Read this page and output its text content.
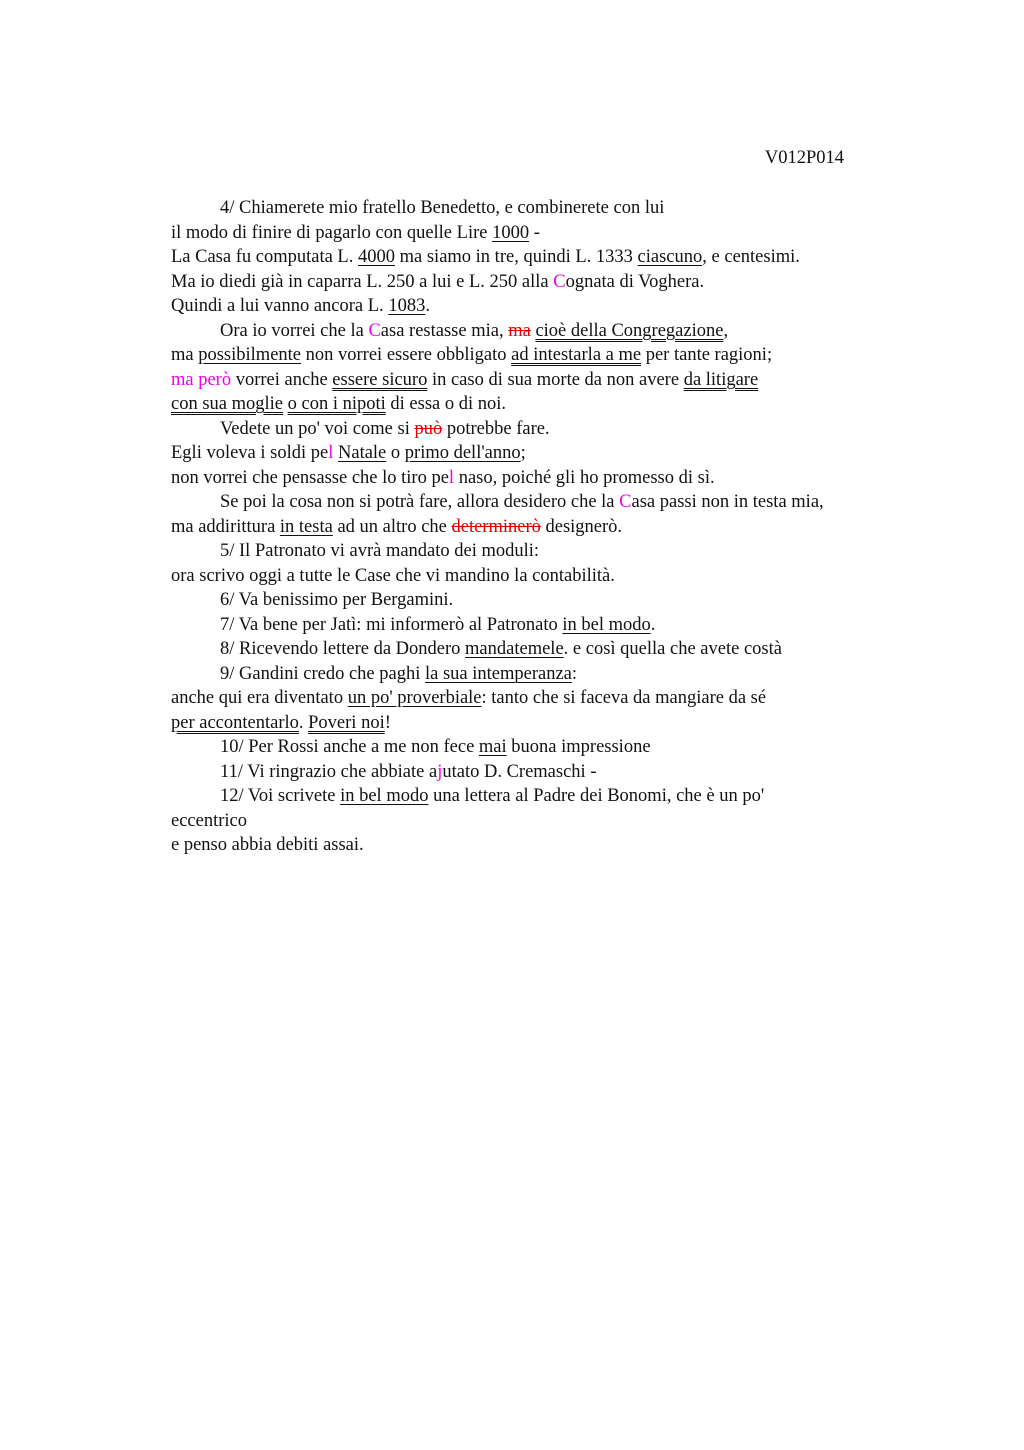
V012P014

4/ Chiamerete mio fratello Benedetto, e combinerete con lui
il modo di finire di pagarlo con quelle Lire 1000 -
La Casa fu computata L. 4000 ma siamo in tre, quindi L. 1333 ciascuno, e centesimi.
Ma io diedi già in caparra L. 250 a lui e L. 250 alla Cognata di Voghera.
Quindi a lui vanno ancora L. 1083.
Ora io vorrei che la Casa restasse mia, ma cioè della Congregazione,
ma possibilmente non vorrei essere obbligato ad intestarla a me per tante ragioni;
ma però vorrei anche essere sicuro in caso di sua morte da non avere da litigare
con sua moglie o con i nipoti di essa o di noi.
Vedete un po' voi come si può potrebbe fare.
Egli voleva i soldi pel Natale o primo dell'anno;
non vorrei che pensasse che lo tiro pel naso, poiché gli ho promesso di sì.
Se poi la cosa non si potrà fare, allora desidero che la Casa passi non in testa mia,
ma addirittura in testa ad un altro che determinerò designerò.
5/ Il Patronato vi avrà mandato dei moduli:
ora scrivo oggi a tutte le Case che vi mandino la contabilità.
6/ Va benissimo per Bergamini.
7/ Va bene per Jatì: mi informerò al Patronato in bel modo.
8/ Ricevendo lettere da Dondero mandatemele. e così quella che avete costà
9/ Gandini credo che paghi la sua intemperanza:
anche qui era diventato un po' proverbiale: tanto che si faceva da mangiare da sé
per accontentarlo. Poveri noi!
10/ Per Rossi anche a me non fece mai buona impressione
11/ Vi ringrazio che abbiate ajutato D. Cremaschi -
12/ Voi scrivete in bel modo una lettera al Padre dei Bonomi, che è un po'
eccentrico
e penso abbia debiti assai.
